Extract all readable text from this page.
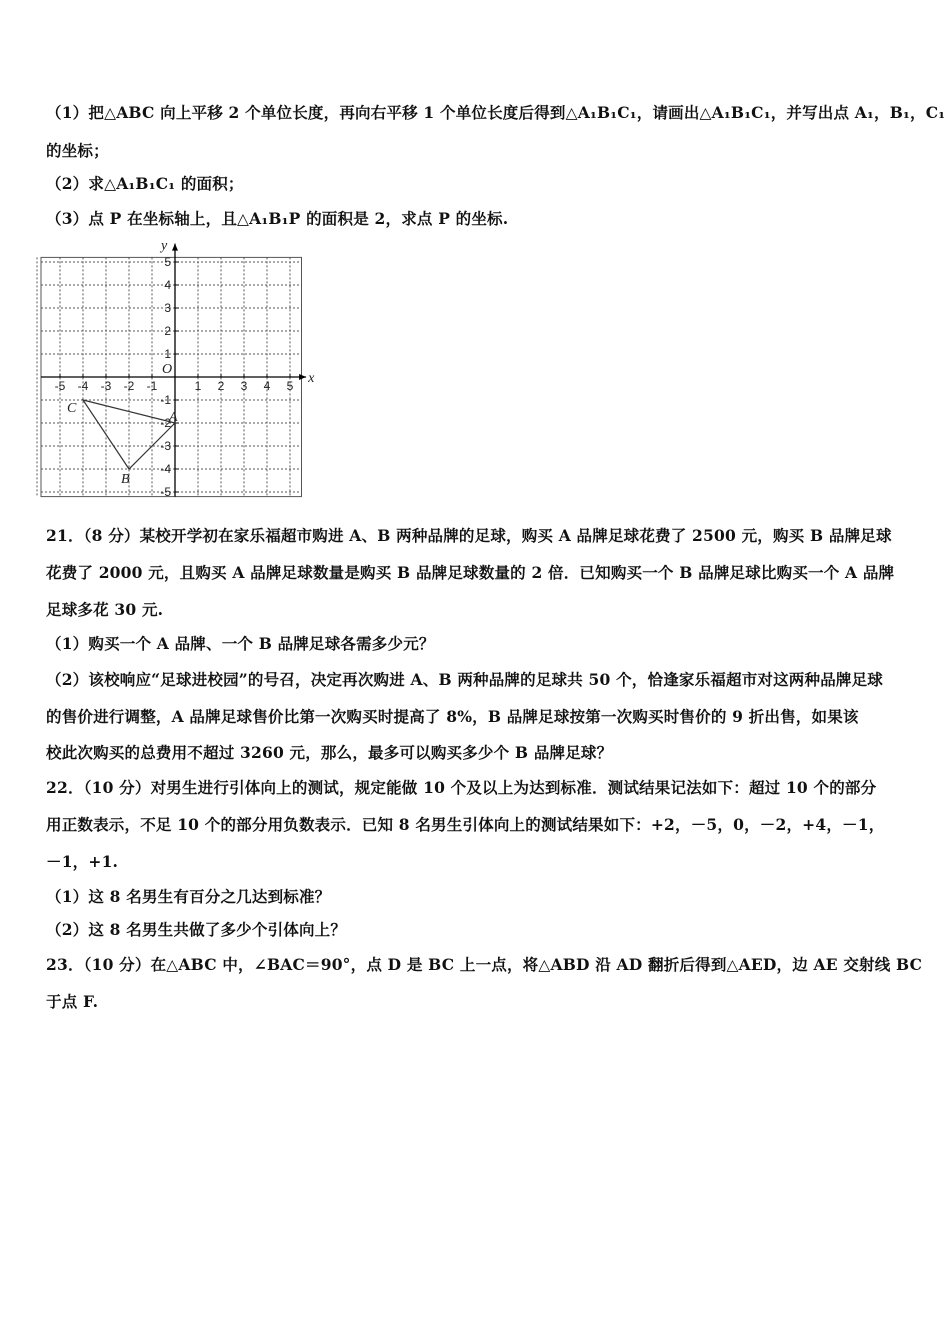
（1）把△ABC 向上平移 2 个单位长度，再向右平移 1 个单位长度后得到△A₁B₁C₁，请画出△A₁B₁C₁，并写出点 A₁，B₁，C₁
的坐标；
（2）求△A₁B₁C₁ 的面积；
（3）点 P 在坐标轴上，且△A₁B₁P 的面积是 2，求点 P 的坐标.
-5 -4 -3 -2 -1	1 2 3 4 5
5
4
3
2
1
-1
-2
-3
-4
-5
x
y
O
A
B
C
21．（8 分）某校开学初在家乐福超市购进 A、B 两种品牌的足球，购买 A 品牌足球花费了 2500 元，购买 B 品牌足球
花费了 2000 元，且购买 A 品牌足球数量是购买 B 品牌足球数量的 2 倍．已知购买一个 B 品牌足球比购买一个 A 品牌
足球多花 30 元.
（1）购买一个 A 品牌、一个 B 品牌足球各需多少元？
（2）该校响应“足球进校园”的号召，决定再次购进 A、B 两种品牌的足球共 50 个，恰逢家乐福超市对这两种品牌足球
的售价进行调整，A 品牌足球售价比第一次购买时提高了 8%，B 品牌足球按第一次购买时售价的 9 折出售，如果该
校此次购买的总费用不超过 3260 元，那么，最多可以购买多少个 B 品牌足球？
22．（10 分）对男生进行引体向上的测试，规定能做 10 个及以上为达到标准．测试结果记法如下：超过 10 个的部分
用正数表示，不足 10 个的部分用负数表示．已知 8 名男生引体向上的测试结果如下：+2，－5，0，－2，+4，－1，
－1，+1.
（1）这 8 名男生有百分之几达到标准？
（2）这 8 名男生共做了多少个引体向上？
23．（10 分）在△ABC 中，∠BAC＝90°，点 D 是 BC 上一点，将△ABD 沿 AD 翻折后得到△AED，边 AE 交射线 BC
于点 F.
